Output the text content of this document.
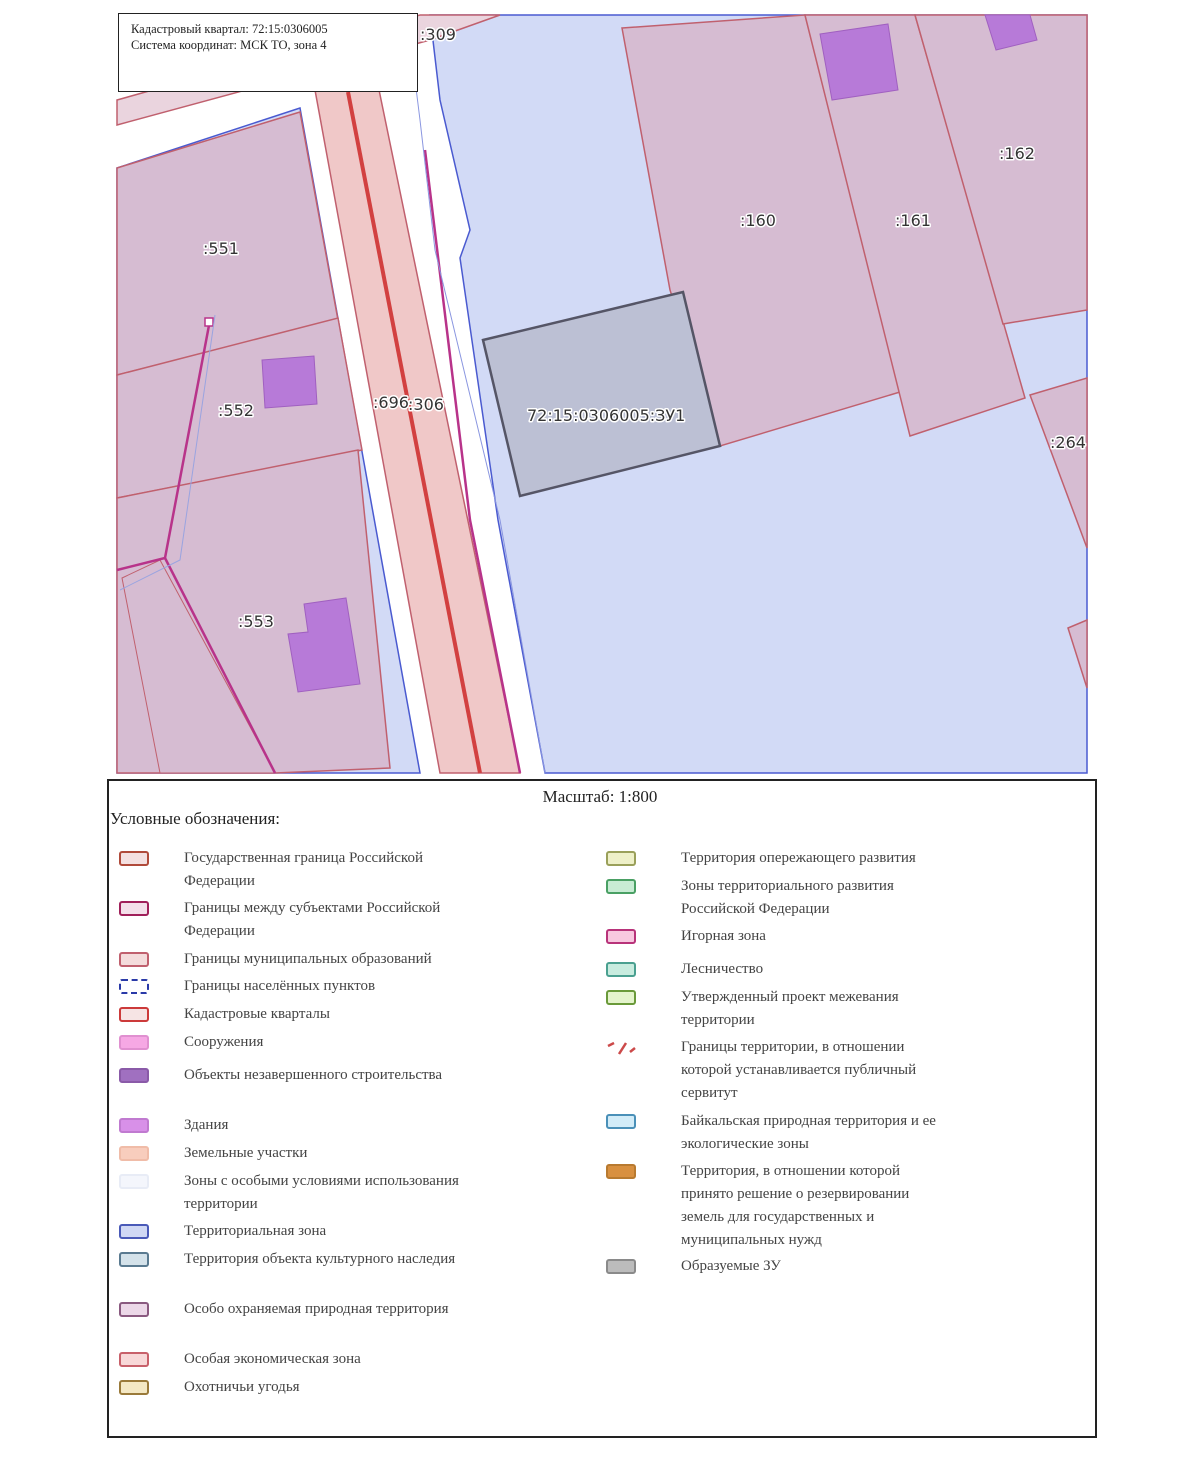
:309
:551
:552
:553
:696 :306
:160	:161
:162
:264
72:15:0306005:ЗУ1
Кадастровый квартал: 72:15:0306005
Система координат: МСК ТО, зона 4
Масштаб: 1:800
Условные обозначения:
Государственная граница Российской Федерации
Границы между субъектами Российской Федерации
Границы муниципальных образований
Границы населённых пунктов
Кадастровые кварталы
Сооружения
Объекты незавершенного строительства
Здания
Земельные участки
Зоны с особыми условиями использования территории
Территориальная зона
Территория объекта культурного наследия
Особо охраняемая природная территория
Особая экономическая зона
Охотничьи угодья
Территория опережающего развития
Зоны территориального развития Российской Федерации
Игорная зона
Лесничество
Утвержденный проект межевания территории
Границы территории, в отношении которой устанавливается публичный сервитут
Байкальская природная территория и ее экологические зоны
Территория, в отношении которой принято решение о резервировании земель для государственных и муниципальных нужд
Образуемые ЗУ
